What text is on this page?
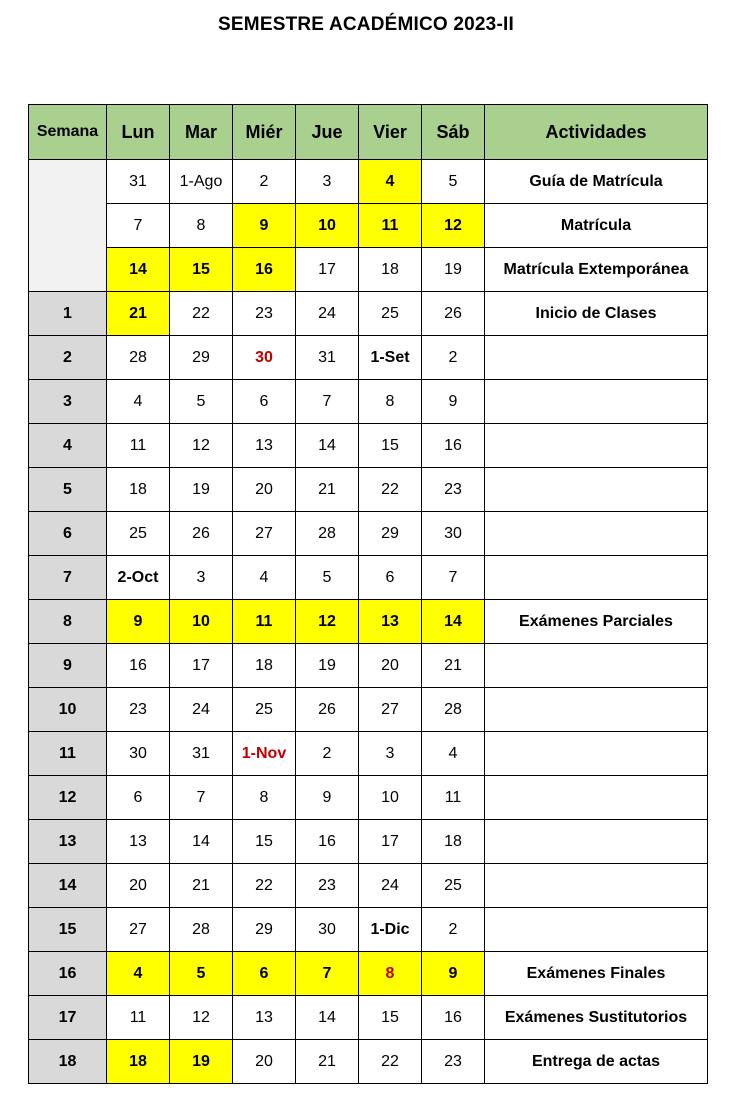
SEMESTRE ACADÉMICO 2023-II
Semana	Lun	Mar	Miér	Jue	Vier	Sáb	Actividades
	31	1-Ago	2	3	4	5	Guía de Matrícula
	7	8	9	10	11	12	Matrícula
	14	15	16	17	18	19	Matrícula Extemporánea
1	21	22	23	24	25	26	Inicio de Clases
2	28	29	30	31	1-Set	2	
3	4	5	6	7	8	9	
4	11	12	13	14	15	16	
5	18	19	20	21	22	23	
6	25	26	27	28	29	30	
7	2-Oct	3	4	5	6	7	
8	9	10	11	12	13	14	Exámenes Parciales
9	16	17	18	19	20	21	
10	23	24	25	26	27	28	
11	30	31	1-Nov	2	3	4	
12	6	7	8	9	10	11	
13	13	14	15	16	17	18	
14	20	21	22	23	24	25	
15	27	28	29	30	1-Dic	2	
16	4	5	6	7	8	9	Exámenes Finales
17	11	12	13	14	15	16	Exámenes Sustitutorios
18	18	19	20	21	22	23	Entrega de actas
